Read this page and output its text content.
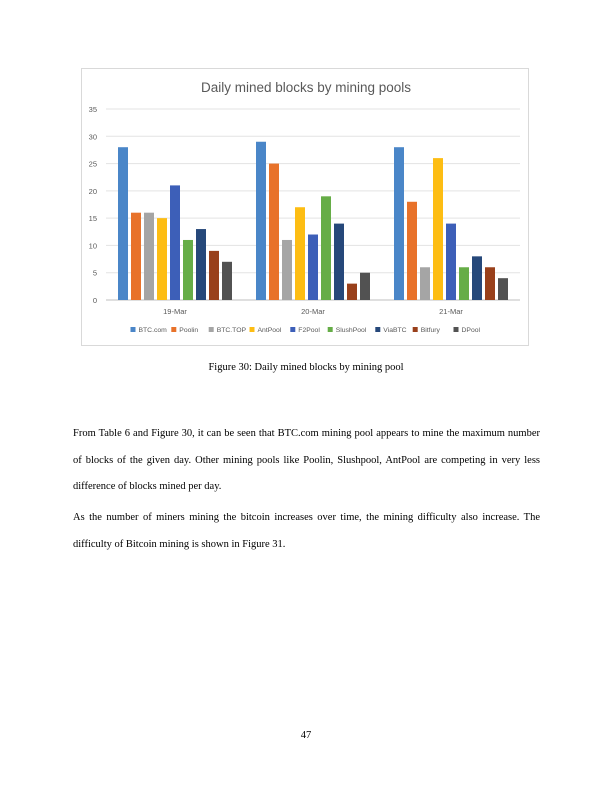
Daily mined blocks by mining pools
0
5
10
15
20
25
30
35
19-Mar	20-Mar	21-Mar
BTC.com Poolin	BTC.TOP AntPool F2Pool SlushPool ViaBTC Bitfury	DPool
Figure 30: Daily mined blocks by mining pool
From Table 6 and Figure 30, it can be seen that BTC.com mining pool appears to mine the maximum number of blocks of the given day. Other mining pools like Poolin, Slushpool, AntPool are competing in very less difference of blocks mined per day.
As the number of miners mining the bitcoin increases over time, the mining difficulty also increase. The difficulty of Bitcoin mining is shown in Figure 31.
47
